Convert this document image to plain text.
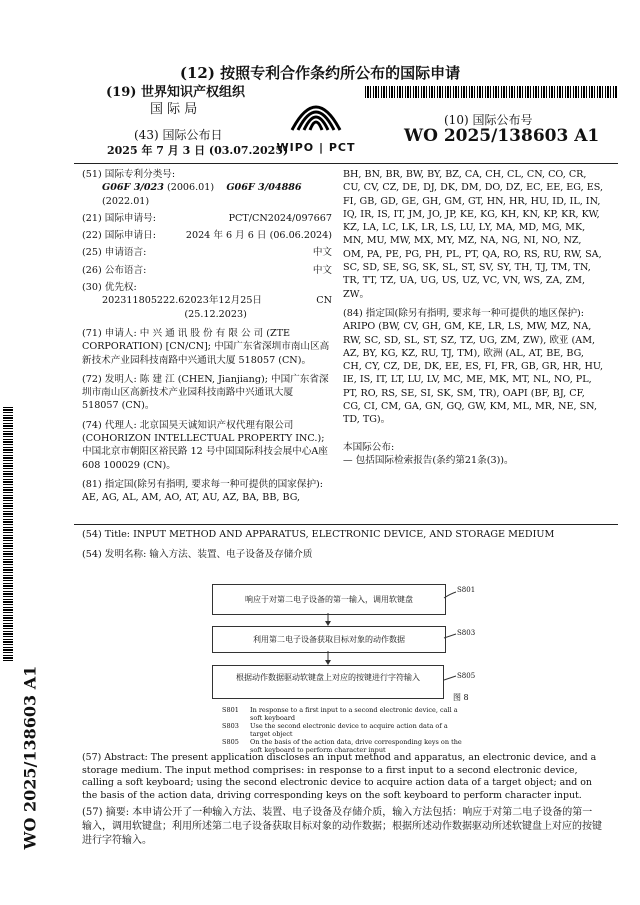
(12) 按照专利合作条约所公布的国际申请
(19) 世界知识产权组织
国 际 局
(43) 国际公布日
2025 年 7 月 3 日 (03.07.2025)
WIPO | PCT
(10) 国际公布号
WO 2025/138603 A1
(51) 国际专利分类号:
G06F 3/023 (2006.01) G06F 3/04886 (2022.01)
(21) 国际申请号:	PCT/CN2024/097667
(22) 国际申请日:	2024 年 6 月 6 日 (06.06.2024)
(25) 申请语言:	中文
(26) 公布语言:	中文
(30) 优先权:
202311805222.6 2023年12月25日 (25.12.2023)
CN
(71) 申请人: 中 兴 通 讯 股 份 有 限 公 司 (ZTE CORPORATION) [CN/CN]; 中国广东省深圳市南山区高新技术产业园科技南路中兴通讯大厦 518057 (CN)。
(72) 发明人: 陈 建 江 (CHEN, Jianjiang); 中国广东省深圳市南山区高新技术产业园科技南路中兴通讯大厦 518057 (CN)。
(74) 代理人: 北京国昊天诚知识产权代理有限公司 (COHORIZON INTELLECTUAL PROPERTY INC.); 中国北京市朝阳区裕民路 12 号中国国际科技会展中心A座608 100029 (CN)。
(81) 指定国(除另有指明, 要求每一种可提供的国家保护): AE, AG, AL, AM, AO, AT, AU, AZ, BA, BB, BG,
BH, BN, BR, BW, BY, BZ, CA, CH, CL, CN, CO, CR, CU, CV, CZ, DE, DJ, DK, DM, DO, DZ, EC, EE, EG, ES, FI, GB, GD, GE, GH, GM, GT, HN, HR, HU, ID, IL, IN, IQ, IR, IS, IT, JM, JO, JP, KE, KG, KH, KN, KP, KR, KW, KZ, LA, LC, LK, LR, LS, LU, LY, MA, MD, MG, MK, MN, MU, MW, MX, MY, MZ, NA, NG, NI, NO, NZ, OM, PA, PE, PG, PH, PL, PT, QA, RO, RS, RU, RW, SA, SC, SD, SE, SG, SK, SL, ST, SV, SY, TH, TJ, TM, TN, TR, TT, TZ, UA, UG, US, UZ, VC, VN, WS, ZA, ZM, ZW。
(84) 指定国(除另有指明, 要求每一种可提供的地区保护): ARIPO (BW, CV, GH, GM, KE, LR, LS, MW, MZ, NA, RW, SC, SD, SL, ST, SZ, TZ, UG, ZM, ZW), 欧亚 (AM, AZ, BY, KG, KZ, RU, TJ, TM), 欧洲 (AL, AT, BE, BG, CH, CY, CZ, DE, DK, EE, ES, FI, FR, GB, GR, HR, HU, IE, IS, IT, LT, LU, LV, MC, ME, MK, MT, NL, NO, PL, PT, RO, RS, SE, SI, SK, SM, TR), OAPI (BF, BJ, CF, CG, CI, CM, GA, GN, GQ, GW, KM, ML, MR, NE, SN, TD, TG)。
本国际公布:
— 包括国际检索报告(条约第21条(3))。
WO 2025/138603 A1
(54) Title: INPUT METHOD AND APPARATUS, ELECTRONIC DEVICE, AND STORAGE MEDIUM
(54) 发明名称: 输入方法、装置、电子设备及存储介质
响应于对第二电子设备的第一输入，调用软键盘
利用第二电子设备获取目标对象的动作数据
根据动作数据驱动软键盘上对应的按键进行字符输入
S801
S803
S805
图 8
S801	In response to a first input to a second electronic device, call a soft keyboard
S803	Use the second electronic device to acquire action data of a target object
S805	On the basis of the action data, drive corresponding keys on the soft keyboard to perform character input
(57) Abstract: The present application discloses an input method and apparatus, an electronic device, and a storage medium. The input method comprises: in response to a first input to a second electronic device, calling a soft keyboard; using the second electronic device to acquire action data of a target object; and on the basis of the action data, driving corresponding keys on the soft keyboard to perform character input.
(57) 摘要: 本申请公开了一种输入方法、装置、电子设备及存储介质，输入方法包括：响应于对第二电子设备的第一输入，调用软键盘；利用所述第二电子设备获取目标对象的动作数据；根据所述动作数据驱动所述软键盘上对应的按键进行字符输入。
